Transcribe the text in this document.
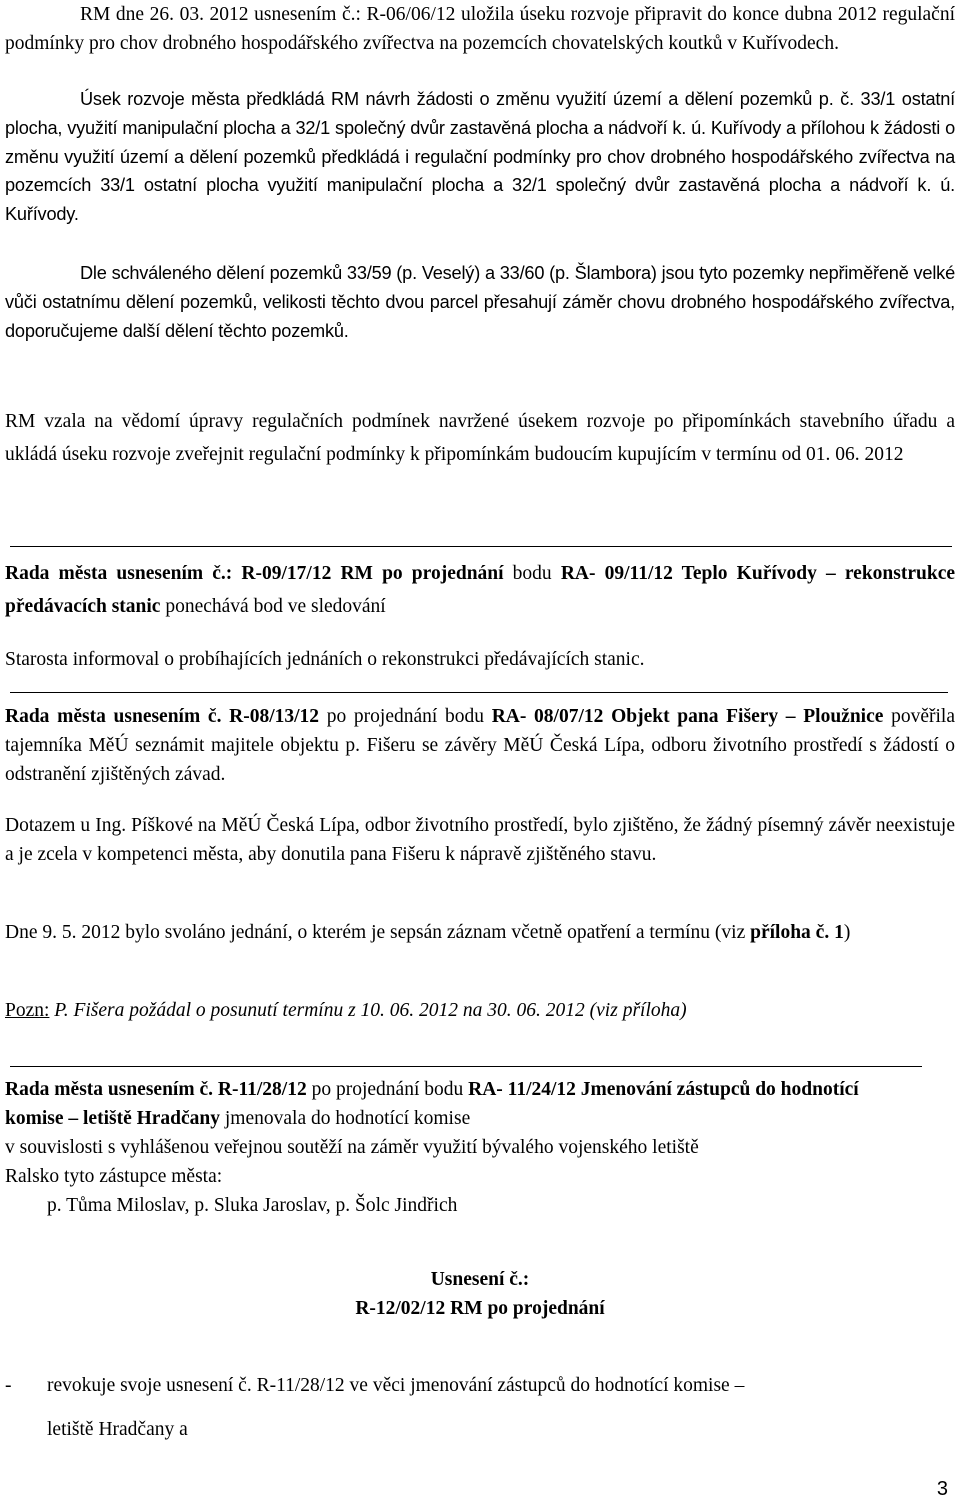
RM dne 26. 03. 2012 usnesením č.: R-06/06/12 uložila úseku rozvoje připravit do konce dubna 2012 regulační podmínky pro chov drobného hospodářského zvířectva na pozemcích chovatelských koutků v Kuřívodech.
Úsek rozvoje města předkládá RM návrh žádosti o změnu využití území a dělení pozemků p. č. 33/1 ostatní plocha, využití manipulační plocha a 32/1 společný dvůr zastavěná plocha a nádvoří k. ú. Kuřívody a přílohou k žádosti o změnu využití území a dělení pozemků předkládá i regulační podmínky pro chov drobného hospodářského zvířectva na pozemcích 33/1 ostatní plocha využití manipulační plocha a 32/1 společný dvůr zastavěná plocha a nádvoří k. ú. Kuřívody.
Dle schváleného dělení pozemků 33/59 (p. Veselý) a 33/60 (p. Šlambora) jsou tyto pozemky nepřiměřeně velké vůči ostatnímu dělení pozemků, velikosti těchto dvou parcel přesahují záměr chovu drobného hospodářského zvířectva, doporučujeme další dělení těchto pozemků.
RM vzala na vědomí úpravy regulačních podmínek navržené úsekem rozvoje po připomínkách stavebního úřadu a ukládá úseku rozvoje zveřejnit regulační podmínky k připomínkám budoucím kupujícím v termínu od 01. 06. 2012
Rada města usnesením č.: R-09/17/12 RM po projednání bodu RA- 09/11/12 Teplo Kuřívody – rekonstrukce předávacích stanic ponechává bod ve sledování
Starosta informoval o probíhajících jednáních o rekonstrukci předávajících stanic.
Rada města usnesením č. R-08/13/12 po projednání bodu RA- 08/07/12 Objekt pana Fišery – Ploužnice pověřila tajemníka MěÚ seznámit majitele objektu p. Fišeru se závěry MěÚ Česká Lípa, odboru životního prostředí s žádostí o odstranění zjištěných závad.
Dotazem u Ing. Píškové na MěÚ Česká Lípa, odbor životního prostředí, bylo zjištěno, že žádný písemný závěr neexistuje a je zcela v kompetenci města, aby donutila pana Fišeru k nápravě zjištěného stavu.
Dne 9. 5. 2012 bylo svoláno jednání, o kterém je sepsán záznam včetně opatření a termínu (viz příloha č. 1)
Pozn: P. Fišera požádal o posunutí termínu z 10. 06. 2012 na 30. 06. 2012 (viz příloha)
Rada města usnesením č. R-11/28/12 po projednání bodu RA- 11/24/12 Jmenování zástupců do hodnotící komise – letiště Hradčany jmenovala do hodnotící komise
v souvislosti s vyhlášenou veřejnou soutěží na záměr využití bývalého vojenského letiště
Ralsko tyto zástupce města:
p. Tůma Miloslav, p. Sluka Jaroslav, p. Šolc Jindřich
Usnesení č.:
R-12/02/12 RM po projednání
- revokuje svoje usnesení č. R-11/28/12 ve věci jmenování zástupců do hodnotící komise –
letiště Hradčany a
3
